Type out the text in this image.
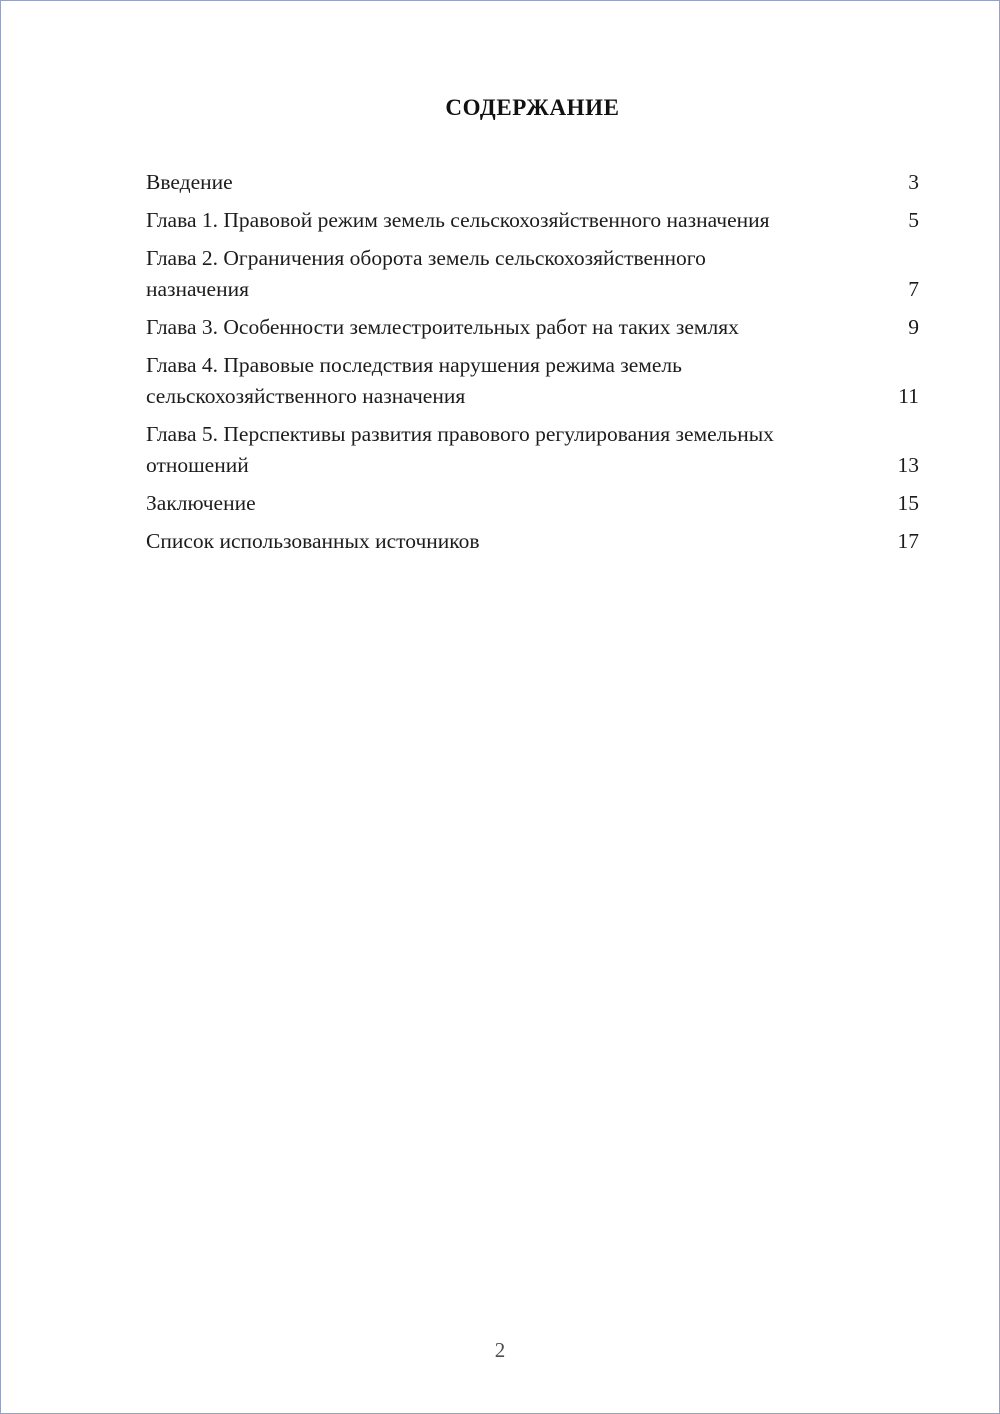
СОДЕРЖАНИЕ
Введение	3
Глава 1. Правовой режим земель сельскохозяйственного назначения	5
Глава 2. Ограничения оборота земель сельскохозяйственного назначения	7
Глава 3. Особенности землестроительных работ на таких землях	9
Глава 4. Правовые последствия нарушения режима земель сельскохозяйственного назначения	11
Глава 5. Перспективы развития правового регулирования земельных отношений	13
Заключение	15
Список использованных источников	17
2
